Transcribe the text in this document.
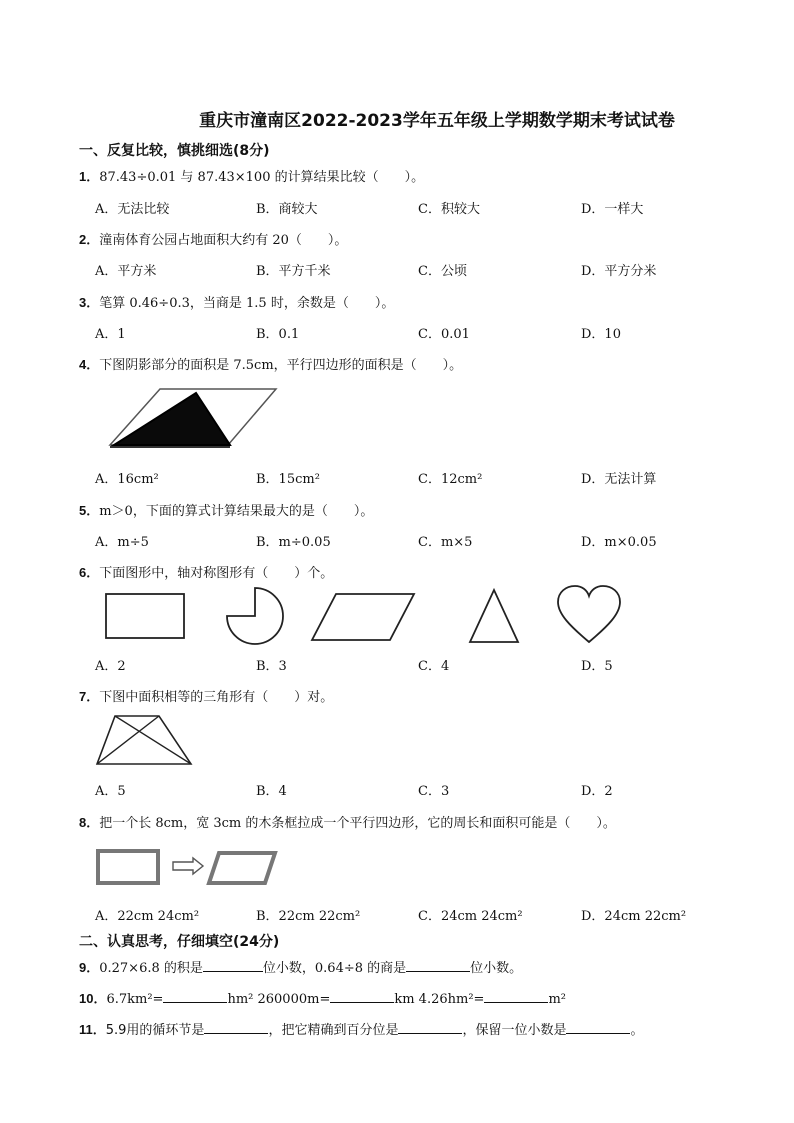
重庆市潼南区2022-2023学年五年级上学期数学期末考试试卷
一、反复比较，慎挑细选(8分)
1．87.43÷0.01 与 87.43×100 的计算结果比较（　　）。
A．无法比较	B．商较大	C．积较大	D．一样大
2．潼南体育公园占地面积大约有 20（　　）。
A．平方米	B．平方千米	C．公顷	D．平方分米
3．笔算 0.46÷0.3，当商是 1.5 时，余数是（　　）。
A．1	B．0.1	C．0.01	D．10
4．下图阴影部分的面积是 7.5cm，平行四边形的面积是（　　）。
A．16cm²	B．15cm²	C．12cm²	D．无法计算
5．m＞0，下面的算式计算结果最大的是（　　）。
A．m÷5	B．m÷0.05	C．m×5	D．m×0.05
6．下面图形中，轴对称图形有（　　）个。
A．2	B．3	C．4	D．5
7．下图中面积相等的三角形有（　　）对。
A．5	B．4	C．3	D．2
8．把一个长 8cm，宽 3cm 的木条框拉成一个平行四边形，它的周长和面积可能是（　　）。
A．22cm 24cm²	B．22cm 22cm²	C．24cm 24cm²	D．24cm 22cm²
二、认真思考，仔细填空(24分)
9．0.27×6.8 的积是	位小数，0.64÷8 的商是	位小数。
10．6.7km²=	hm² 260000m=	km 4.26hm²=	m²
11．5.9用的循环节是	，把它精确到百分位是	，保留一位小数是	。
